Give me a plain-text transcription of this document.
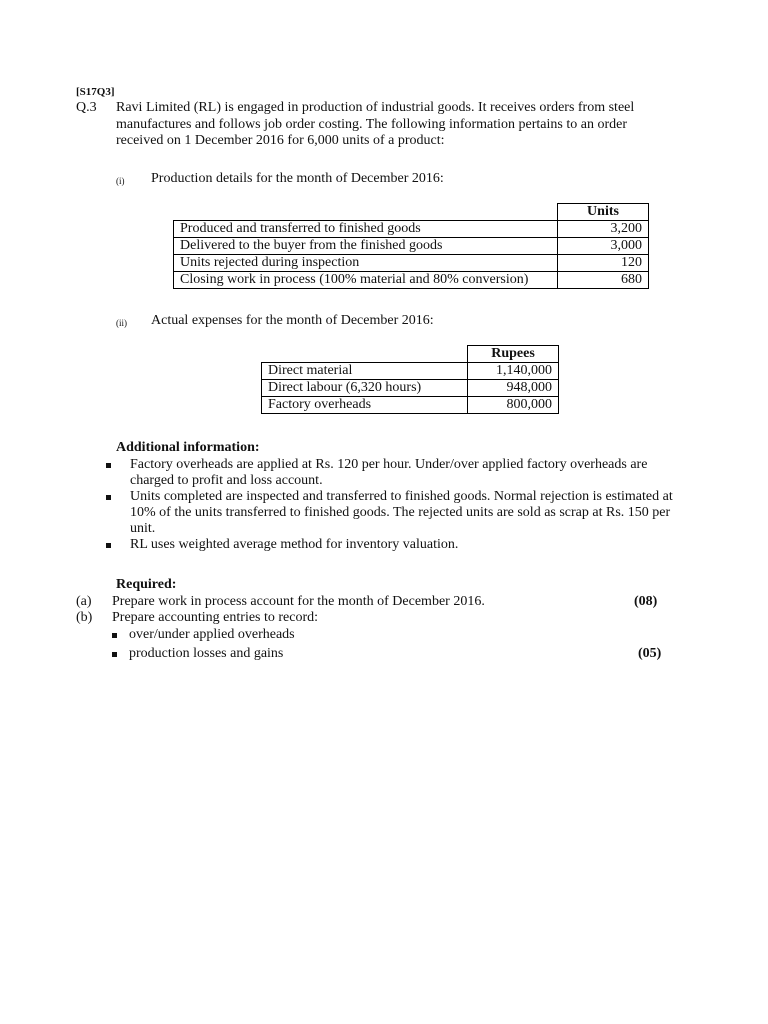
[S17Q3]
Q.3 Ravi Limited (RL) is engaged in production of industrial goods. It receives orders from steel
manufactures and follows job order costing. The following information pertains to an order
received on 1 December 2016 for 6,000 units of a product:
(i) Production details for the month of December 2016:
	Units
Produced and transferred to finished goods	3,200
Delivered to the buyer from the finished goods	3,000
Units rejected during inspection	120
Closing work in process (100% material and 80% conversion)	680
(ii) Actual expenses for the month of December 2016:
	Rupees
Direct material	1,140,000
Direct labour (6,320 hours)	948,000
Factory overheads	800,000
Additional information:
Factory overheads are applied at Rs. 120 per hour. Under/over applied factory overheads are
charged to profit and loss account.
Units completed are inspected and transferred to finished goods. Normal rejection is estimated at
10% of the units transferred to finished goods. The rejected units are sold as scrap at Rs. 150 per
unit.
RL uses weighted average method for inventory valuation.
Required:
(a) Prepare work in process account for the month of December 2016.	(08)
(b) Prepare accounting entries to record:
over/under applied overheads
production losses and gains	(05)
